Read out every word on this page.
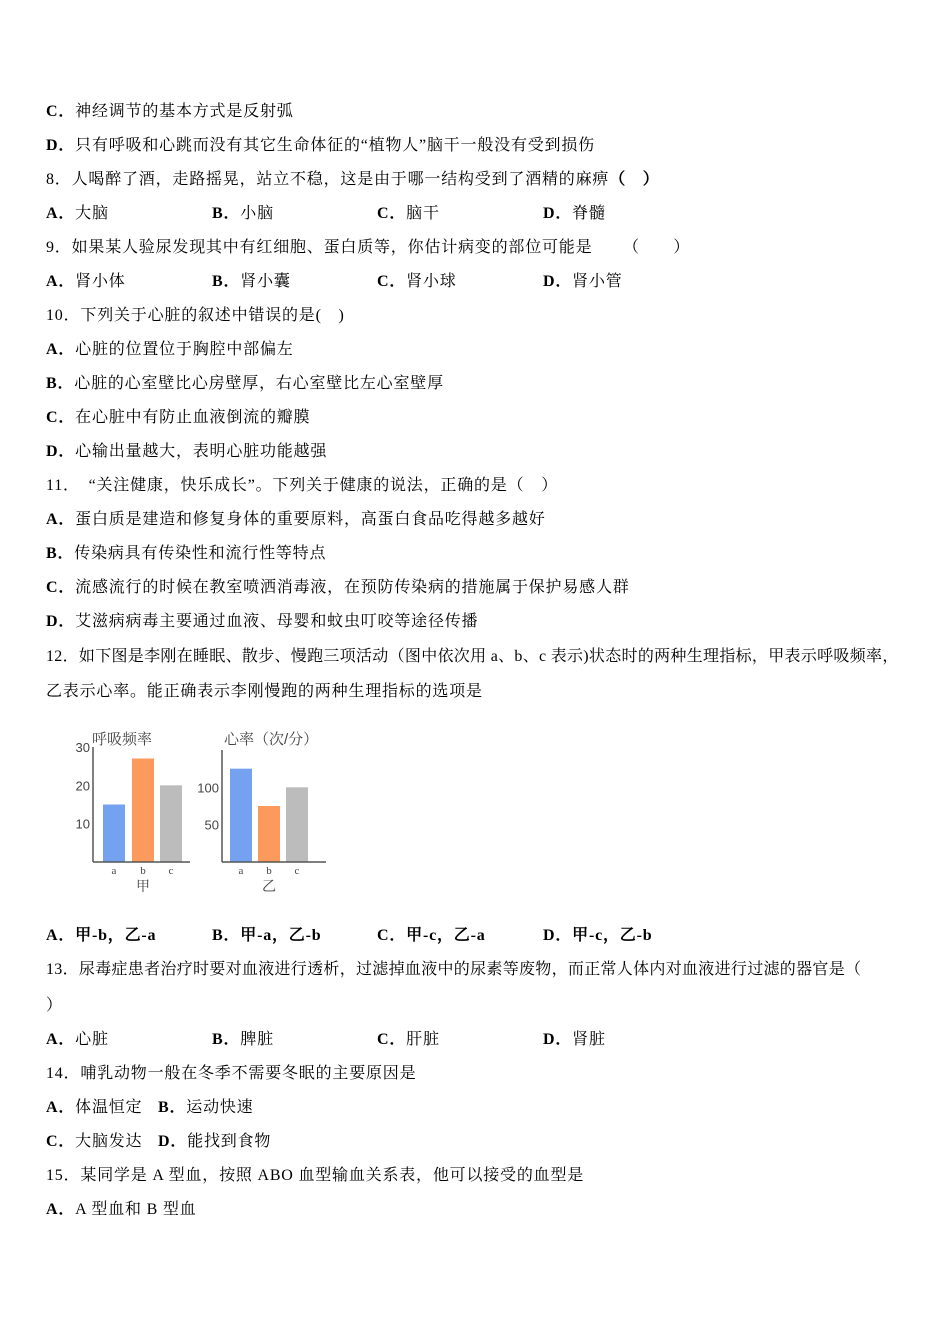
C．神经调节的基本方式是反射弧
D．只有呼吸和心跳而没有其它生命体征的“植物人”脑干一般没有受到损伤
8．人喝醉了酒，走路摇晃，站立不稳，这是由于哪一结构受到了酒精的麻痹（　）
A．大脑	B．小脑	C．脑干	D．脊髓
9．如果某人验尿发现其中有红细胞、蛋白质等，你估计病变的部位可能是 （　　）
A．肾小体	B．肾小囊	C．肾小球	D．肾小管
10．下列关于心脏的叙述中错误的是(　)
A．心脏的位置位于胸腔中部偏左
B．心脏的心室壁比心房壁厚，右心室壁比左心室壁厚
C．在心脏中有防止血液倒流的瓣膜
D．心输出量越大，表明心脏功能越强
11．　“关注健康，快乐成长”。下列关于健康的说法，正确的是（　）
A．蛋白质是建造和修复身体的重要原料，高蛋白食品吃得越多越好
B．传染病具有传染性和流行性等特点
C．流感流行的时候在教室喷洒消毒液，在预防传染病的措施属于保护易感人群
D．艾滋病病毒主要通过血液、母婴和蚊虫叮咬等途径传播
12．如下图是李刚在睡眠、散步、慢跑三项活动（图中依次用 a、b、c 表示)状态时的两种生理指标，甲表示呼吸频率，
乙表示心率。能正确表示李刚慢跑的两种生理指标的选项是
30
20
10
a b c
甲
呼吸频率
100
50
a b c
乙
心率（次/分）
A．甲-b，乙-a	B．甲-a，乙-b	C．甲-c，乙-a	D．甲-c，乙-b
13．尿毒症患者治疗时要对血液进行透析，过滤掉血液中的尿素等废物，而正常人体内对血液进行过滤的器官是（
）
A．心脏	B．脾脏	C．肝脏	D．肾脏
14．哺乳动物一般在冬季不需要冬眠的主要原因是
A．体温恒定 B．运动快速
C．大脑发达 D．能找到食物
15．某同学是 A 型血，按照 ABO 血型输血关系表，他可以接受的血型是
A．A 型血和 B 型血
